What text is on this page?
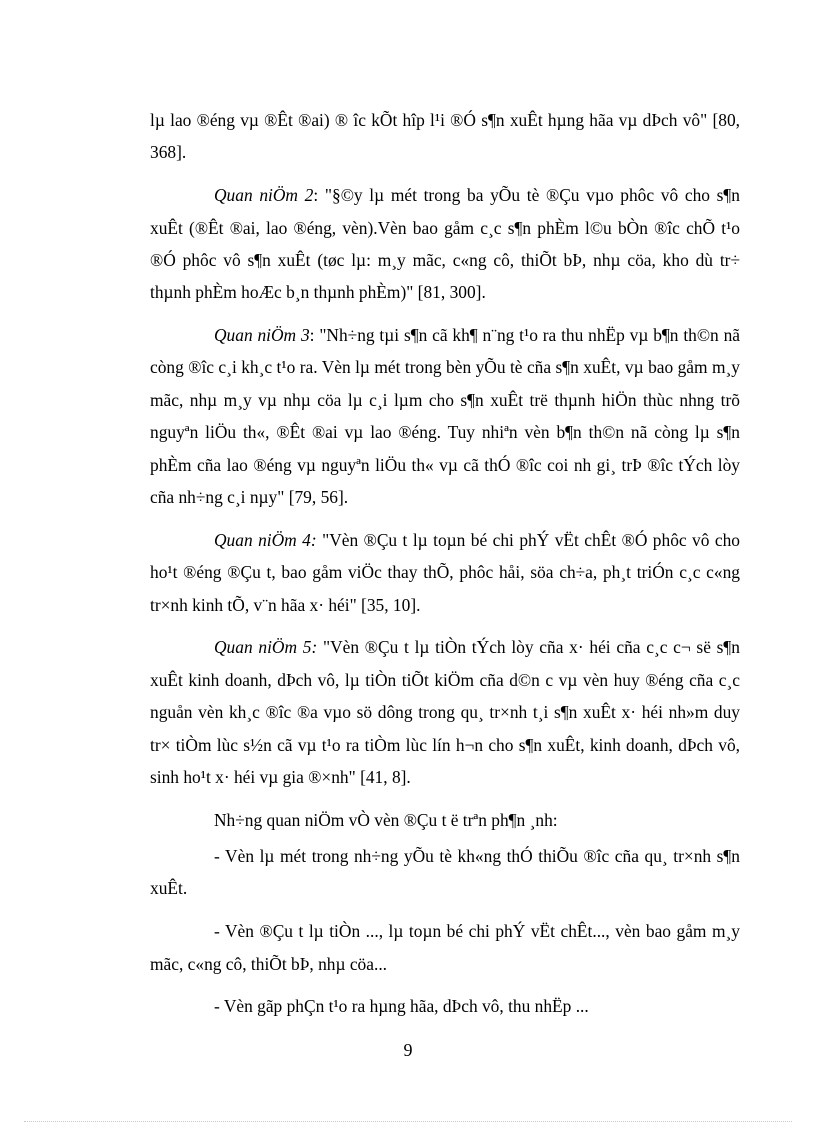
lµ lao ®éng vµ ®Êt ®ai) ® îc kÕt hîp l¹i ®Ó s¶n xuÊt hµng hãa vµ dÞch vô" [80, 368].

Quan niÖm 2: "§©y lµ mét trong ba yÕu tè ®Çu vµo phôc vô cho s¶n xuÊt (®Êt ®ai, lao ®éng, vèn).Vèn bao gåm c¸c s¶n phÈm l©u bÒn ®îc chÕ t¹o ®Ó phôc vô s¶n xuÊt (tøc lµ: m¸y mãc, c«ng cô, thiÕt bÞ, nhµ cöa, kho dù tr÷ thµnh phÈm hoÆc b¸n thµnh phÈm)" [81, 300].

Quan niÖm 3: "Nh÷ng tµi s¶n cã kh¶ n¨ng t¹o ra thu nhËp vµ b¶n th©n nã còng ®îc c¸i kh¸c t¹o ra. Vèn lµ mét trong bèn yÕu tè cña s¶n xuÊt, vµ bao gåm m¸y mãc, nhµ m¸y vµ nhµ cöa lµ c¸i lµm cho s¶n xuÊt trë thµnh hiÖn thùc nhng trõ nguyªn liÖu th«, ®Êt ®ai vµ lao ®éng. Tuy nhiªn vèn b¶n th©n nã còng lµ s¶n phÈm cña lao ®éng vµ nguyªn liÖu th« vµ cã thÓ ®îc coi nh gi¸ trÞ ®îc tÝch lòy cña nh÷ng c¸i nµy" [79, 56].

Quan niÖm 4: "Vèn ®Çu t lµ toµn bé chi phÝ vËt chÊt ®Ó phôc vô cho ho¹t ®éng ®Çu t, bao gåm viÖc thay thÕ, phôc håi, söa ch÷a, ph¸t triÓn c¸c c«ng tr×nh kinh tÕ, v¨n hãa x· héi" [35, 10].

Quan niÖm 5: "Vèn ®Çu t lµ tiÒn tÝch lòy cña x· héi cña c¸c c¬ së s¶n xuÊt kinh doanh, dÞch vô, lµ tiÒn tiÕt kiÖm cña d©n c vµ vèn huy ®éng cña c¸c nguån vèn kh¸c ®îc ®a vµo sö dông trong qu¸ tr×nh t¸i s¶n xuÊt x· héi nh»m duy tr× tiÒm lùc s½n cã vµ t¹o ra tiÒm lùc lín h¬n cho s¶n xuÊt, kinh doanh, dÞch vô, sinh ho¹t x· héi vµ gia ®×nh" [41, 8].

Nh÷ng quan niÖm vÒ vèn ®Çu t ë trªn ph¶n ¸nh:

- Vèn lµ mét trong nh÷ng yÕu tè kh«ng thÓ thiÕu ®îc cña qu¸ tr×nh s¶n xuÊt.

- Vèn ®Çu t lµ tiÒn ..., lµ toµn bé chi phÝ vËt chÊt..., vèn bao gåm m¸y mãc, c«ng cô, thiÕt bÞ, nhµ cöa...

- Vèn gãp phÇn t¹o ra hµng hãa, dÞch vô, thu nhËp ...

9
